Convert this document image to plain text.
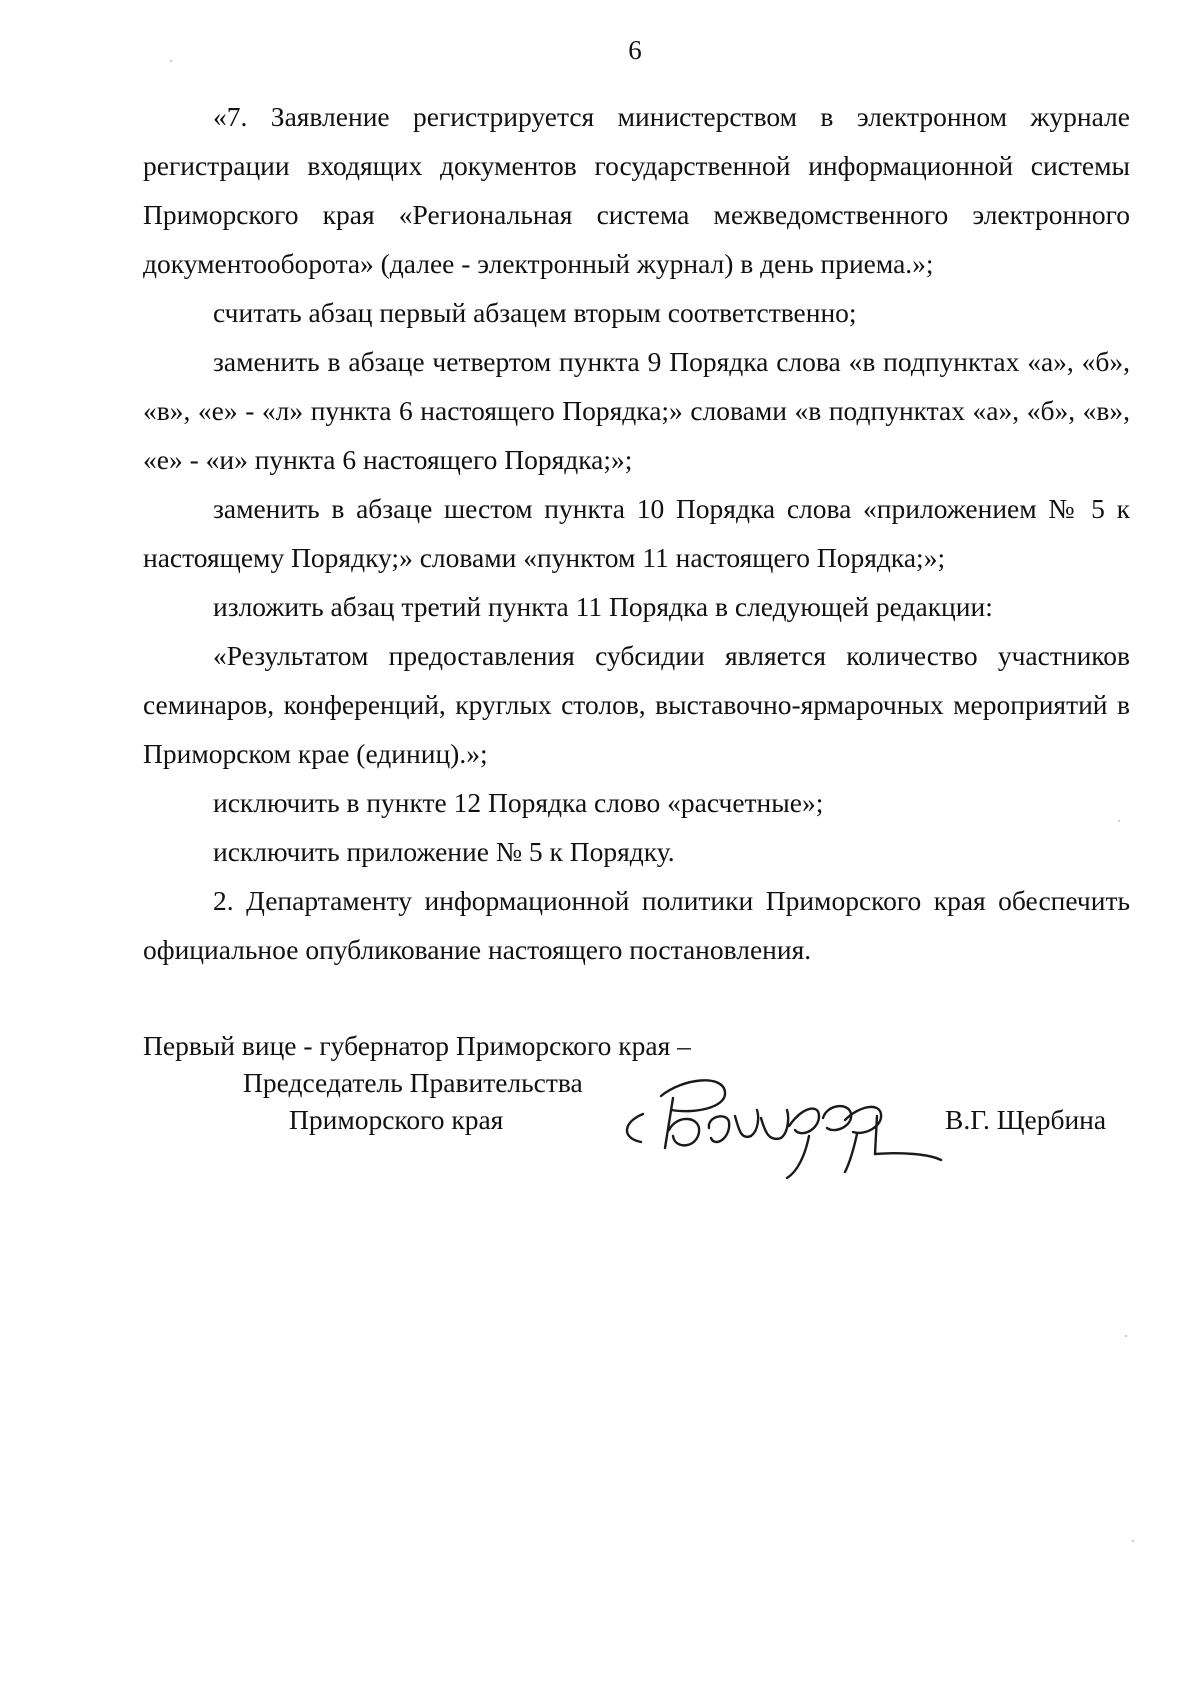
6

«7. Заявление регистрируется министерством в электронном журнале регистрации входящих документов государственной информационной системы Приморского края «Региональная система межведомственного электронного документооборота» (далее - электронный журнал) в день приема.»;

считать абзац первый абзацем вторым соответственно;

заменить в абзаце четвертом пункта 9 Порядка слова «в подпунктах «а», «б», «в», «е» - «л» пункта 6 настоящего Порядка;» словами «в подпунктах «а», «б», «в», «е» - «и» пункта 6 настоящего Порядка;»;

заменить в абзаце шестом пункта 10 Порядка слова «приложением № 5 к настоящему Порядку;» словами «пунктом 11 настоящего Порядка;»;

изложить абзац третий пункта 11 Порядка в следующей редакции:

«Результатом предоставления субсидии является количество участников семинаров, конференций, круглых столов, выставочно-ярмарочных мероприятий в Приморском крае (единиц).»;

исключить в пункте 12 Порядка слово «расчетные»;

исключить приложение № 5 к Порядку.

2. Департаменту информационной политики Приморского края обеспечить официальное опубликование настоящего постановления.

Первый вице - губернатор Приморского края –
Председатель Правительства
Приморского края	В.Г. Щербина
